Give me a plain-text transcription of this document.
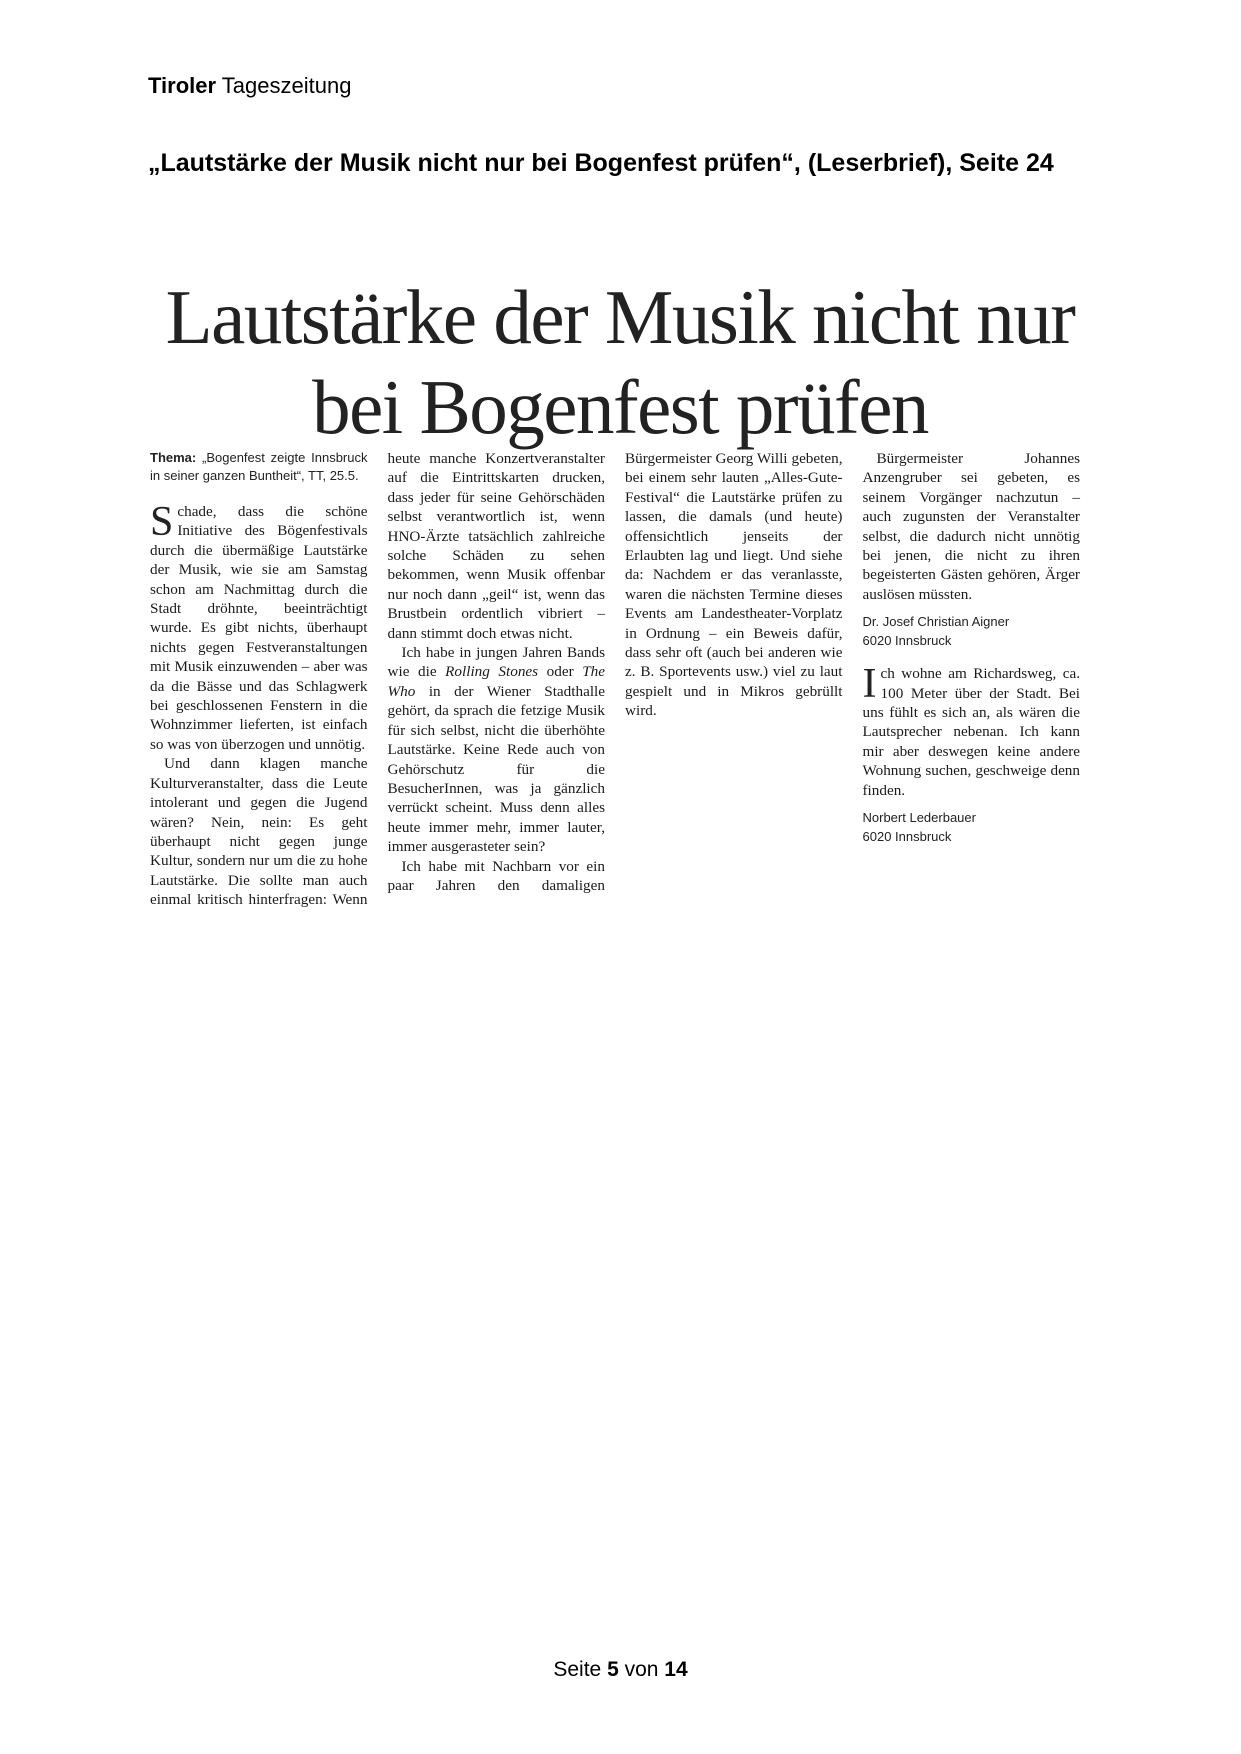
Tiroler Tageszeitung
„Lautstärke der Musik nicht nur bei Bogenfest prüfen“, (Leserbrief), Seite 24
Lautstärke der Musik nicht nur
bei Bogenfest prüfen

Thema: „Bogenfest zeigte Innsbruck in seiner ganzen Buntheit“, TT, 25.5.

Schade, dass die schöne Initiative des Bögenfestivals durch die übermäßige Lautstärke der Musik, wie sie am Samstag schon am Nachmittag durch die Stadt dröhnte, beeinträchtigt wurde. Es gibt nichts, überhaupt nichts gegen Festveranstaltungen mit Musik einzuwenden – aber was da die Bässe und das Schlagwerk bei geschlossenen Fenstern in die Wohnzimmer lieferten, ist einfach so was von überzogen und unnötig.

Und dann klagen manche Kulturveranstalter, dass die Leute intolerant und gegen die Jugend wären? Nein, nein: Es geht überhaupt nicht gegen junge Kultur, sondern nur um die zu hohe Lautstärke. Die sollte man auch einmal kritisch hinterfragen: Wenn heute manche Konzertveranstalter auf die Eintrittskarten drucken, dass jeder für seine Gehörschäden selbst verantwortlich ist, wenn HNO-Ärzte tatsächlich zahlreiche solche Schäden zu sehen bekommen, wenn Musik offenbar nur noch dann „geil“ ist, wenn das Brustbein ordentlich vibriert – dann stimmt doch etwas nicht.

Ich habe in jungen Jahren Bands wie die Rolling Stones oder The Who in der Wiener Stadthalle gehört, da sprach die fetzige Musik für sich selbst, nicht die überhöhte Lautstärke. Keine Rede auch von Gehörschutz für die BesucherInnen, was ja gänzlich verrückt scheint. Muss denn alles heute immer mehr, immer lauter, immer ausgerasteter sein?

Ich habe mit Nachbarn vor ein paar Jahren den damaligen Bürgermeister Georg Willi gebeten, bei einem sehr lauten „Alles-Gute-Festival“ die Lautstärke prüfen zu lassen, die damals (und heute) offensichtlich jenseits der Erlaubten lag und liegt. Und siehe da: Nachdem er das veranlasste, waren die nächsten Termine dieses Events am Landestheater-Vorplatz in Ordnung – ein Beweis dafür, dass sehr oft (auch bei anderen wie z. B. Sportevents usw.) viel zu laut gespielt und in Mikros gebrüllt wird.

Bürgermeister Johannes Anzengruber sei gebeten, es seinem Vorgänger nachzutun – auch zugunsten der Veranstalter selbst, die dadurch nicht unnötig bei jenen, die nicht zu ihren begeisterten Gästen gehören, Ärger auslösen müssten.

Dr. Josef Christian Aigner
6020 Innsbruck

Ich wohne am Richardsweg, ca. 100 Meter über der Stadt. Bei uns fühlt es sich an, als wären die Lautsprecher nebenan. Ich kann mir aber deswegen keine andere Wohnung suchen, geschweige denn finden.

Norbert Lederbauer
6020 Innsbruck

Seite 5 von 14
